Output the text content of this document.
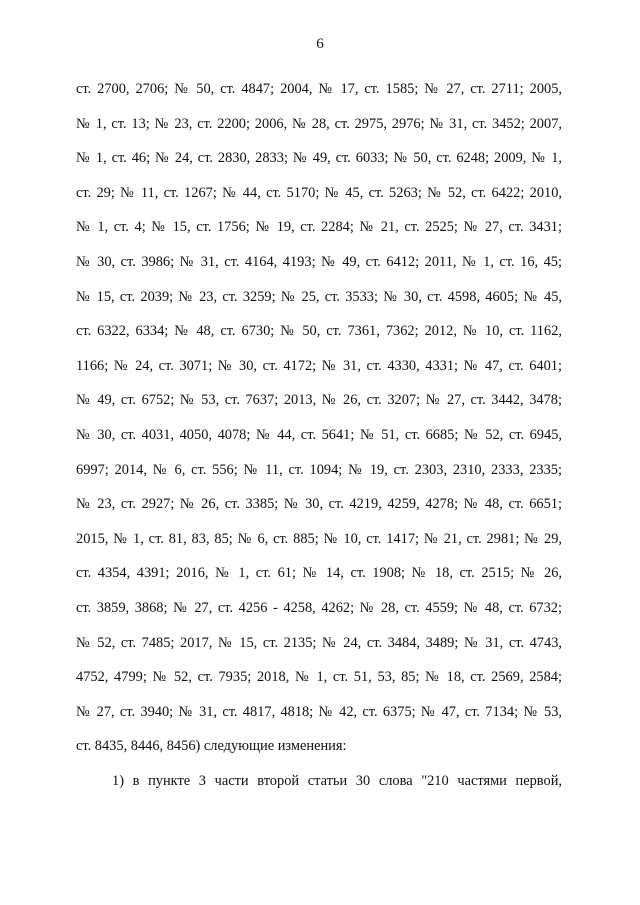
6
ст. 2700, 2706; № 50, ст. 4847; 2004, № 17, ст. 1585; № 27, ст. 2711; 2005,
№ 1, ст. 13; № 23, ст. 2200; 2006, № 28, ст. 2975, 2976; № 31, ст. 3452; 2007,
№ 1, ст. 46; № 24, ст. 2830, 2833; № 49, ст. 6033; № 50, ст. 6248; 2009, № 1,
ст. 29; № 11, ст. 1267; № 44, ст. 5170; № 45, ст. 5263; № 52, ст. 6422; 2010,
№ 1, ст. 4; № 15, ст. 1756; № 19, ст. 2284; № 21, ст. 2525; № 27, ст. 3431;
№ 30, ст. 3986; № 31, ст. 4164, 4193; № 49, ст. 6412; 2011, № 1, ст. 16, 45;
№ 15, ст. 2039; № 23, ст. 3259; № 25, ст. 3533; № 30, ст. 4598, 4605; № 45,
ст. 6322, 6334; № 48, ст. 6730; № 50, ст. 7361, 7362; 2012, № 10, ст. 1162,
1166; № 24, ст. 3071; № 30, ст. 4172; № 31, ст. 4330, 4331; № 47, ст. 6401;
№ 49, ст. 6752; № 53, ст. 7637; 2013, № 26, ст. 3207; № 27, ст. 3442, 3478;
№ 30, ст. 4031, 4050, 4078; № 44, ст. 5641; № 51, ст. 6685; № 52, ст. 6945,
6997; 2014, № 6, ст. 556; № 11, ст. 1094; № 19, ст. 2303, 2310, 2333, 2335;
№ 23, ст. 2927; № 26, ст. 3385; № 30, ст. 4219, 4259, 4278; № 48, ст. 6651;
2015, № 1, ст. 81, 83, 85; № 6, ст. 885; № 10, ст. 1417; № 21, ст. 2981; № 29,
ст. 4354, 4391; 2016, № 1, ст. 61; № 14, ст. 1908; № 18, ст. 2515; № 26,
ст. 3859, 3868; № 27, ст. 4256 - 4258, 4262; № 28, ст. 4559; № 48, ст. 6732;
№ 52, ст. 7485; 2017, № 15, ст. 2135; № 24, ст. 3484, 3489; № 31, ст. 4743,
4752, 4799; № 52, ст. 7935; 2018, № 1, ст. 51, 53, 85; № 18, ст. 2569, 2584;
№ 27, ст. 3940; № 31, ст. 4817, 4818; № 42, ст. 6375; № 47, ст. 7134; № 53,
ст. 8435, 8446, 8456) следующие изменения:
1) в пункте 3 части второй статьи 30 слова "210 частями первой,
